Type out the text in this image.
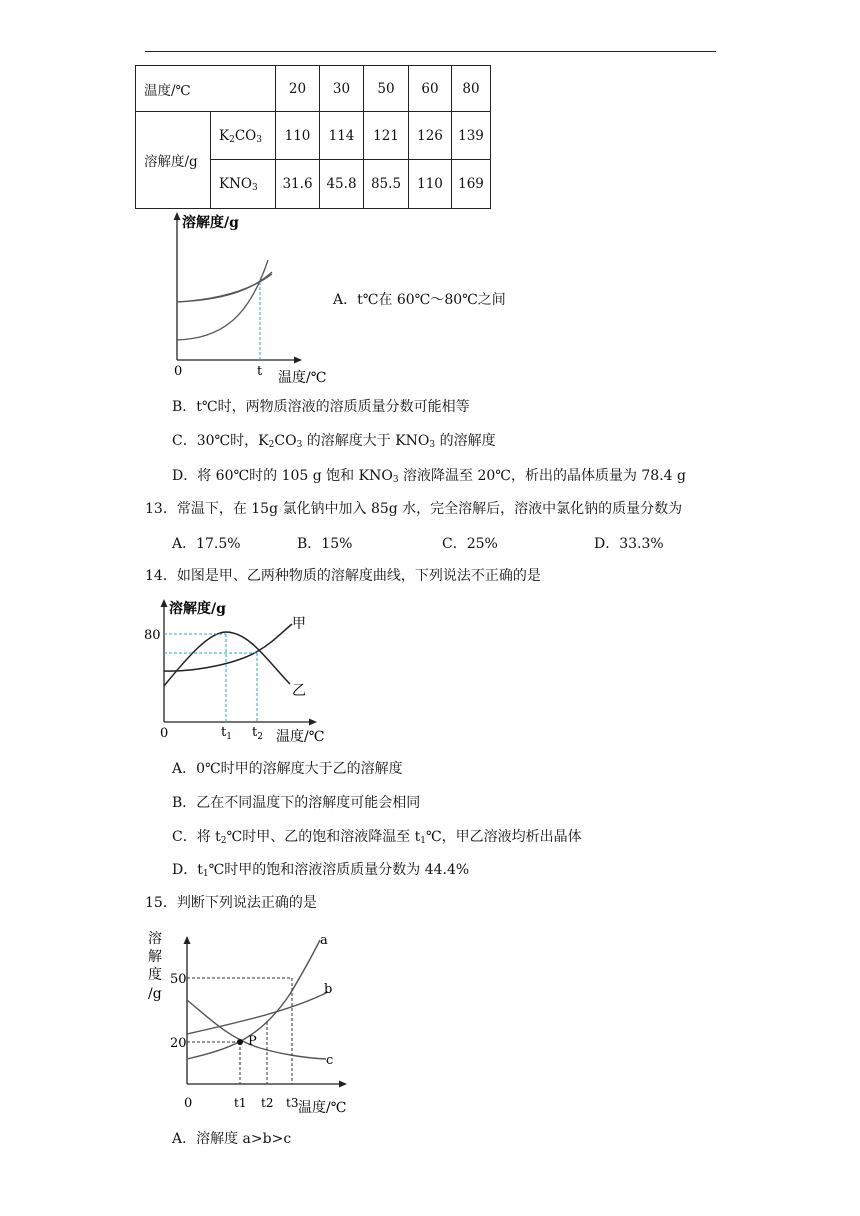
温度/℃		20	30	50	60	80
溶解度/g	$K_2CO_3$	110	114	121	126	139
	$KNO_3$	31.6	45.8	85.5	110	169
溶解度/g
0	t 温度/℃
A．t℃在 60℃～80℃之间
B．t℃时，两物质溶液的溶质质量分数可能相等
C．30℃时，$K_2CO_3$ 的溶解度大于 $KNO_3$ 的溶解度
D．将 60℃时的 105 g 饱和 $KNO_3$ 溶液降温至 20℃，析出的晶体质量为 78.4 g
13．常温下，在 15g 氯化钠中加入 85g 水，完全溶解后，溶液中氯化钠的质量分数为
A．17.5%	B．15%	C．25%	D．33.3%
14．如图是甲、乙两种物质的溶解度曲线，下列说法不正确的是
溶解度/g
80
0	$t_1$ $t_2$ 温度/℃
甲
乙
A．0℃时甲的溶解度大于乙的溶解度
B．乙在不同温度下的溶解度可能会相同
C．将 $t_2℃$时甲、乙的饱和溶液降温至 $t_1℃$，甲乙溶液均析出晶体
D．$t_1℃$时甲的饱和溶液溶质质量分数为 44.4%
15．判断下列说法正确的是
溶
解
度
/g
50
20
0	t1 t2 t3 温度/℃
P
a
b
c
A．溶解度 a>b>c
